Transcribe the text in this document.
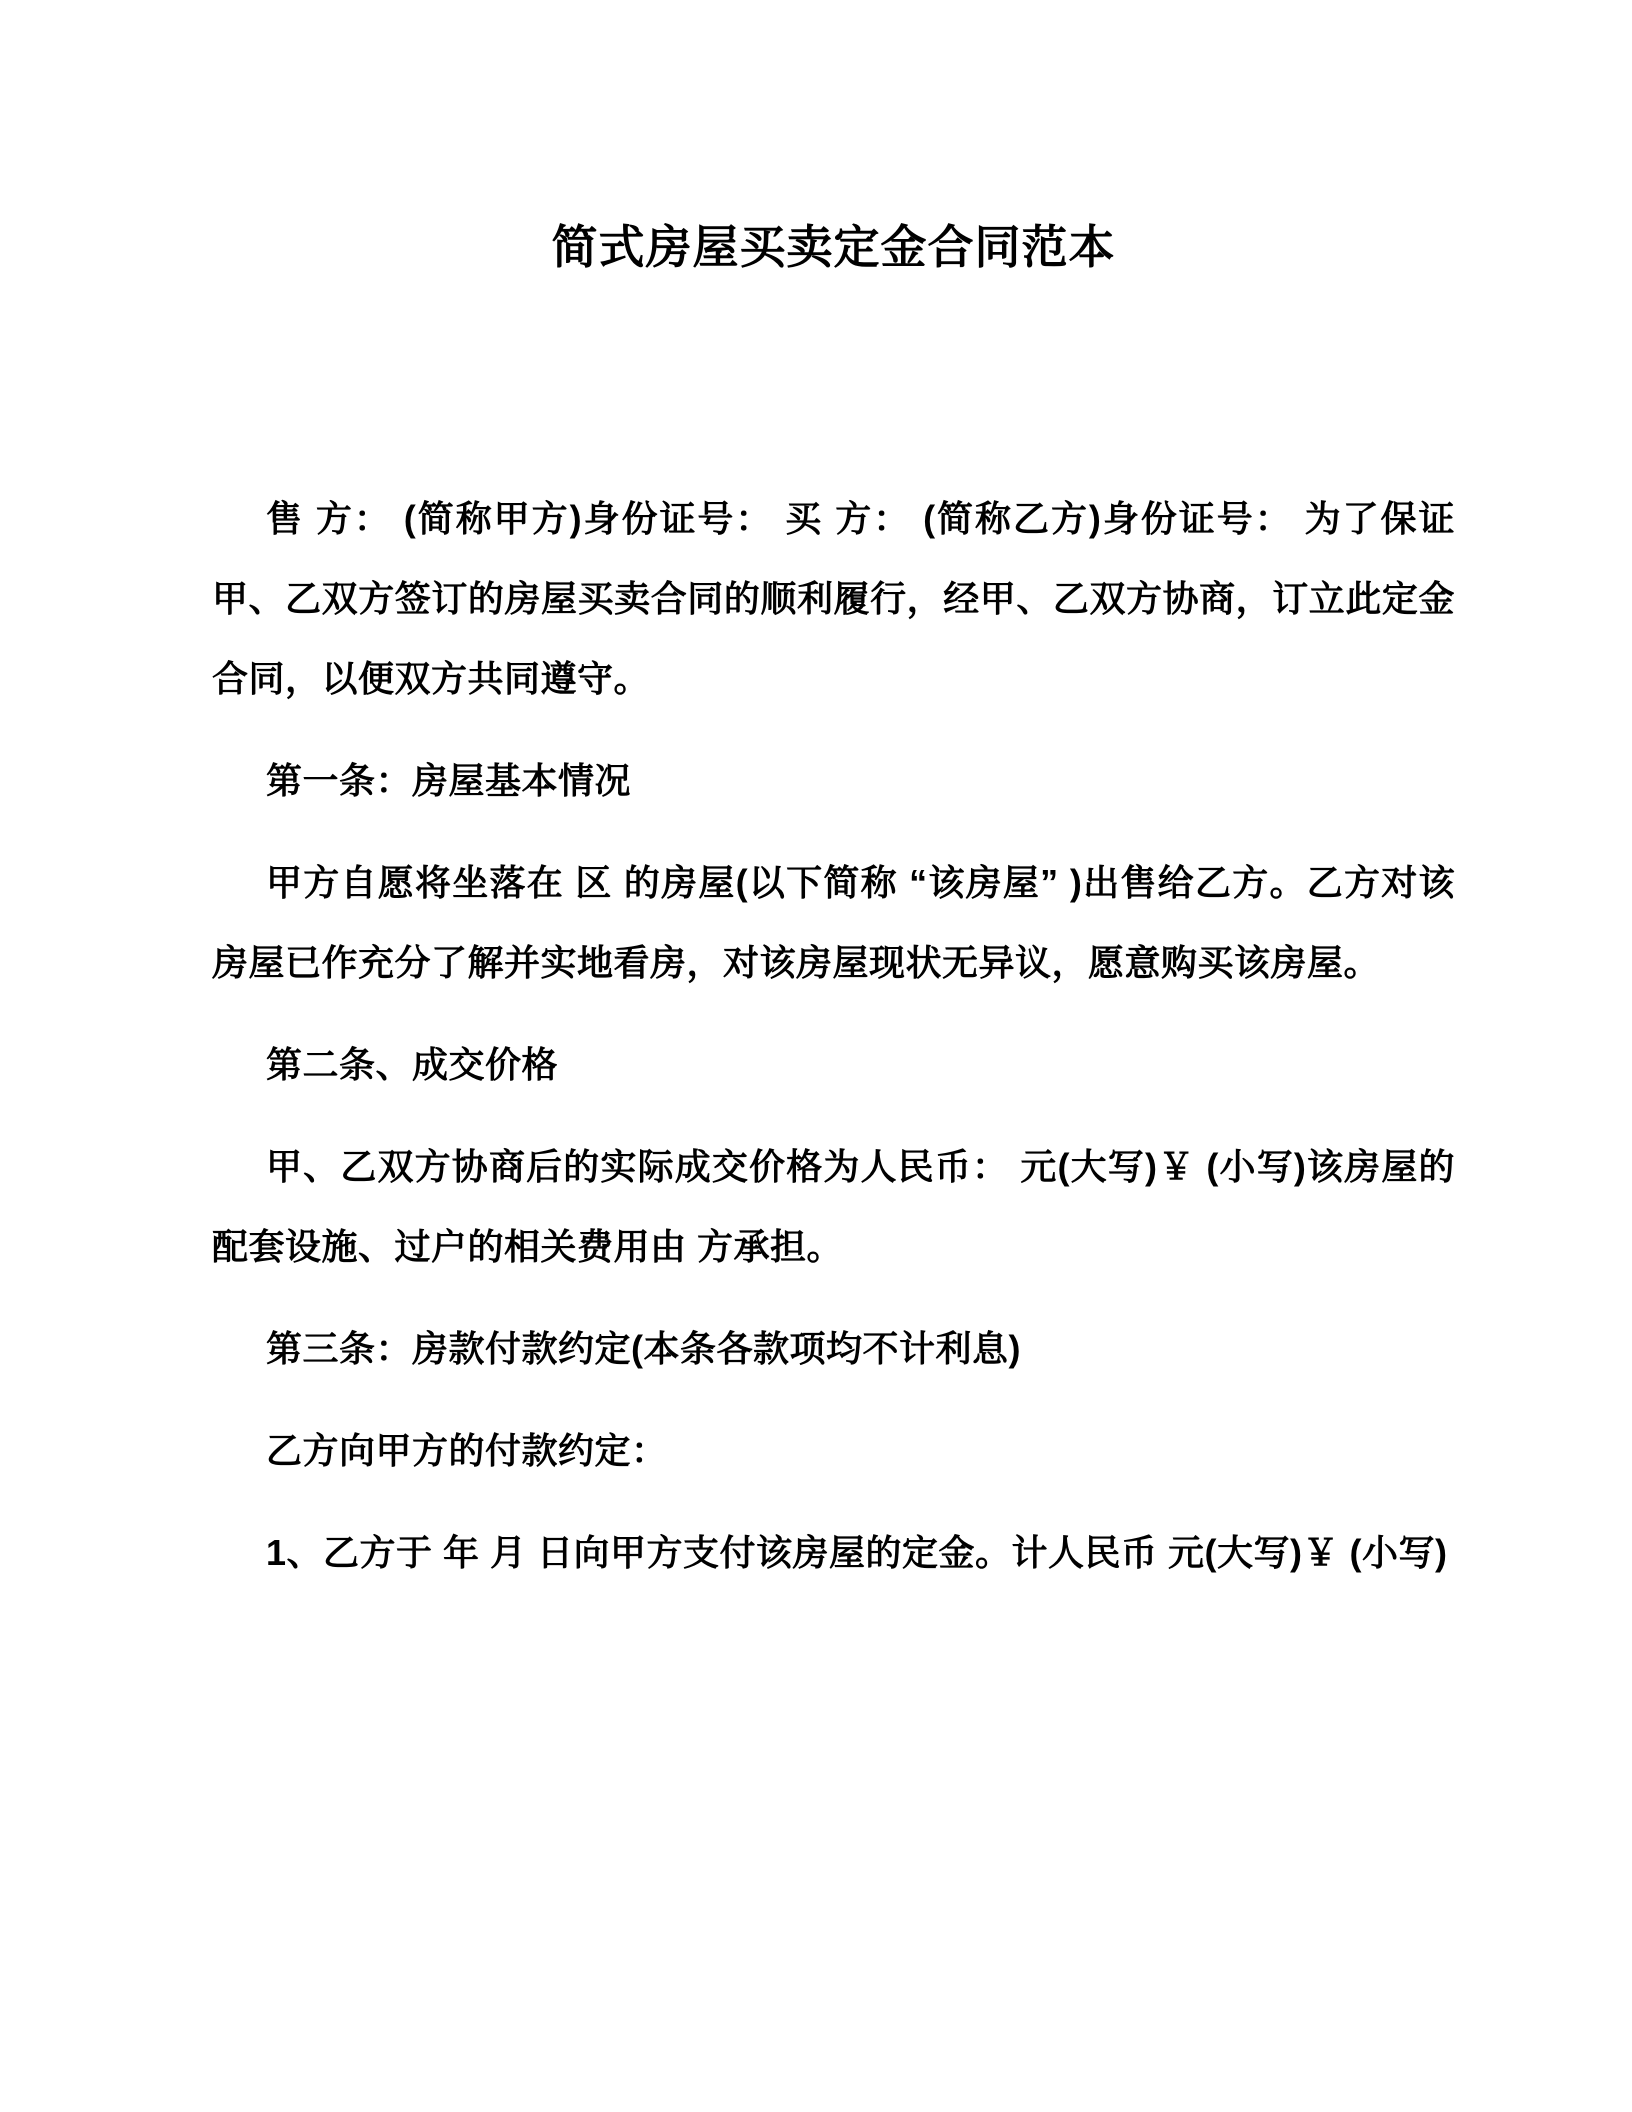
简式房屋买卖定金合同范本

售 方： (简称甲方)身份证号： 买 方： (简称乙方)身份证号： 为了保证甲、乙双方签订的房屋买卖合同的顺利履行，经甲、乙双方协商，订立此定金合同，以便双方共同遵守。

第一条：房屋基本情况

甲方自愿将坐落在 区 的房屋(以下简称 “该房屋” )出售给乙方。乙方对该房屋已作充分了解并实地看房，对该房屋现状无异议，愿意购买该房屋。

第二条、成交价格

甲、乙双方协商后的实际成交价格为人民币： 元(大写)￥ (小写)该房屋的配套设施、过户的相关费用由 方承担。

第三条：房款付款约定(本条各款项均不计利息)

乙方向甲方的付款约定：

1、乙方于 年 月 日向甲方支付该房屋的定金。计人民币 元(大写)￥ (小写)
